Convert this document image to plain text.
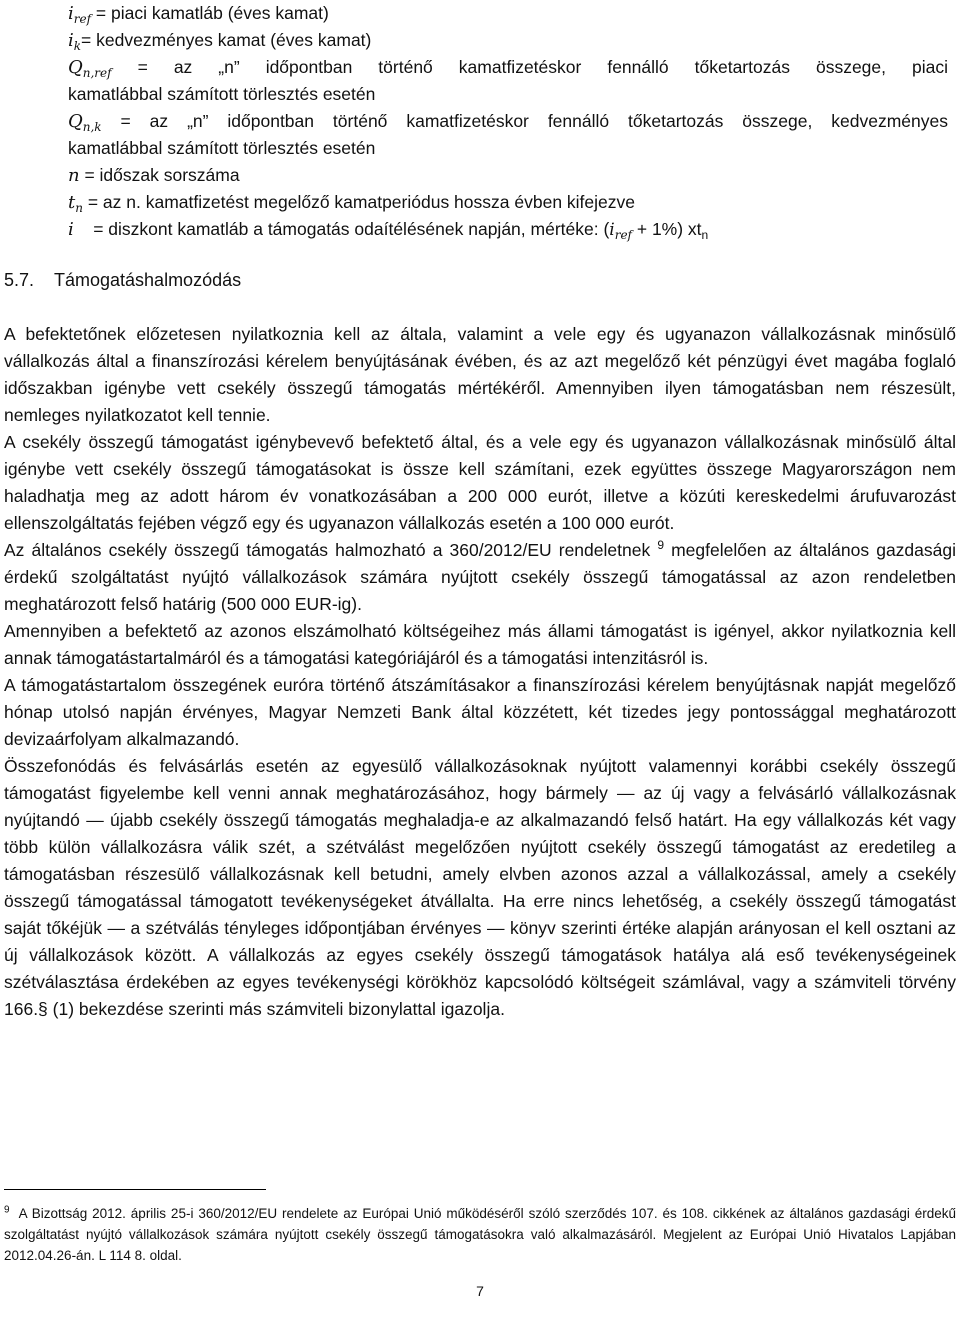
$i_{ref}$ = piaci kamatláb (éves kamat)
$i_k=$ kedvezményes kamat (éves kamat)
$Q_{n,ref}$ = az „n” időpontban történő kamatfizetéskor fennálló tőketartozás összege, piaci
kamatlábbal számított törlesztés esetén
$Q_{n,k}$ = az „n” időpontban történő kamatfizetéskor fennálló tőketartozás összege, kedvezményes
kamatlábbal számított törlesztés esetén
n = időszak sorszáma
$t_n$ = az n. kamatfizetést megelőző kamatperiódus hossza évben kifejezve
i    = diszkont kamatláb a támogatás odaítélésének napján, mértéke: $(i_{ref} + 1\%)$ $xt_n$
5.7. Támogatáshalmozódás

A befektetőnek előzetesen nyilatkoznia kell az általa, valamint a vele egy és ugyanazon vállalkozásnak minősülő vállalkozás által a finanszírozási kérelem benyújtásának évében, és az azt megelőző két pénzügyi évet magába foglaló időszakban igénybe vett csekély összegű támogatás mértékéről. Amennyiben ilyen támogatásban nem részesült, nemleges nyilatkozatot kell tennie.

A csekély összegű támogatást igénybevevő befektető által, és a vele egy és ugyanazon vállalkozásnak minősülő által igénybe vett csekély összegű támogatásokat is össze kell számítani, ezek együttes összege Magyarországon nem haladhatja meg az adott három év vonatkozásában a 200 000 eurót, illetve a közúti kereskedelmi árufuvarozást ellenszolgáltatás fejében végző egy és ugyanazon vállalkozás esetén a 100 000 eurót.

Az általános csekély összegű támogatás halmozható a 360/2012/EU rendeletnek $^9$ megfelelően az általános gazdasági érdekű szolgáltatást nyújtó vállalkozások számára nyújtott csekély összegű támogatással az azon rendeletben meghatározott felső határig (500 000 EUR-ig).

Amennyiben a befektető az azonos elszámolható költségeihez más állami támogatást is igényel, akkor nyilatkoznia kell annak támogatástartalmáról és a támogatási kategóriájáról és a támogatási intenzitásról is.

A támogatástartalom összegének euróra történő átszámításakor a finanszírozási kérelem benyújtásnak napját megelőző hónap utolsó napján érvényes, Magyar Nemzeti Bank által közzétett, két tizedes jegy pontossággal meghatározott devizaárfolyam alkalmazandó.

Összefonódás és felvásárlás esetén az egyesülő vállalkozásoknak nyújtott valamennyi korábbi csekély összegű támogatást figyelembe kell venni annak meghatározásához, hogy bármely — az új vagy a felvásárló vállalkozásnak nyújtandó — újabb csekély összegű támogatás meghaladja-e az alkalmazandó felső határt. Ha egy vállalkozás két vagy több külön vállalkozásra válik szét, a szétválást megelőzően nyújtott csekély összegű támogatást az eredetileg a támogatásban részesülő vállalkozásnak kell betudni, amely elvben azonos azzal a vállalkozással, amely a csekély összegű támogatással támogatott tevékenységeket átvállalta. Ha erre nincs lehetőség, a csekély összegű támogatást saját tőkéjük — a szétválás tényleges időpontjában érvényes — könyv szerinti értéke alapján arányosan el kell osztani az új vállalkozások között. A vállalkozás az egyes csekély összegű támogatások hatálya alá eső tevékenységeinek szétválasztása érdekében az egyes tevékenységi körökhöz kapcsolódó költségeit számlával, vagy a számviteli törvény 166.§ (1) bekezdése szerinti más számviteli bizonylattal igazolja.

$^9$  A Bizottság 2012. április 25-i 360/2012/EU rendelete az Európai Unió működéséről szóló szerződés 107. és 108. cikkének az általános gazdasági érdekű szolgáltatást nyújtó vállalkozások számára nyújtott csekély összegű támogatásokra való alkalmazásáról. Megjelent az Európai Unió Hivatalos Lapjában 2012.04.26-án. L 114 8. oldal.
7
